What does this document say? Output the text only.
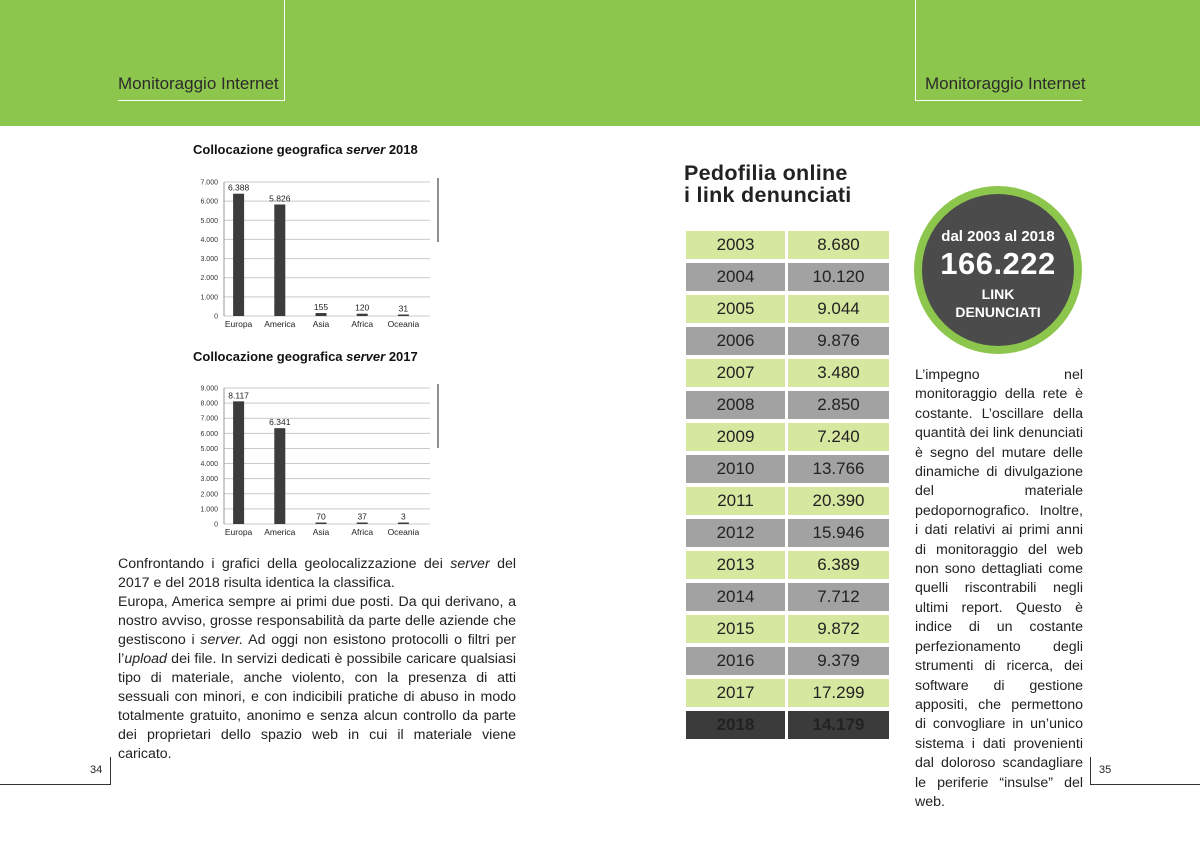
Monitoraggio Internet	Monitoraggio Internet
Collocazione geografica server 2018
0
1.000
2.000
3.000
4.000
5.000
6.000
7.000 6.388
Europa
5.826
America
155
Asia
120
Africa
31
Oceania
Collocazione geografica server 2017
0
1.000
2.000
3.000
4.000
5.000
6.000
7.000
8.000
9.000
8.117
Europa
6.341
America
70
Asia
37
Africa
3
Oceania

Confrontando i grafici della geolocalizzazione dei server del 2017 e del 2018 risulta identica la classifica.

Europa, America sempre ai primi due posti. Da qui derivano, a nostro avviso, grosse responsabilità da parte delle aziende che gestiscono i server. Ad oggi non esistono protocolli o filtri per l’upload dei file. In servizi dedicati è possibile caricare qualsiasi tipo di materiale, anche violento, con la presenza di atti sessuali con minori, e con indicibili pratiche di abuso in modo totalmente gratuito, anonimo e senza alcun controllo da parte dei proprietari dello spazio web in cui il materiale viene caricato.

Pedofilia online
i link denunciati
2003	8.680
2004	10.120
2005	9.044
2006	9.876
2007	3.480
2008	2.850
2009	7.240
2010	13.766
2011	20.390
2012	15.946
2013	6.389
2014	7.712
2015	9.872
2016	9.379
2017	17.299
2018	14.179
dal 2003 al 2018
166.222
LINK
DENUNCIATI
L’impegno nel monitoraggio della rete è costante. L’oscillare della quantità dei link denunciati è segno del mutare delle dinamiche di divulgazione del materiale pedopornografico. Inoltre, i dati relativi ai primi anni di monitoraggio del web non sono dettagliati come quelli riscontrabili negli ultimi report. Questo è indice di un costante perfezionamento degli strumenti di ricerca, dei software di gestione appositi, che permettono di convogliare in un’unico sistema i dati provenienti dal doloroso scandagliare le periferie “insulse” del web.
34	35
